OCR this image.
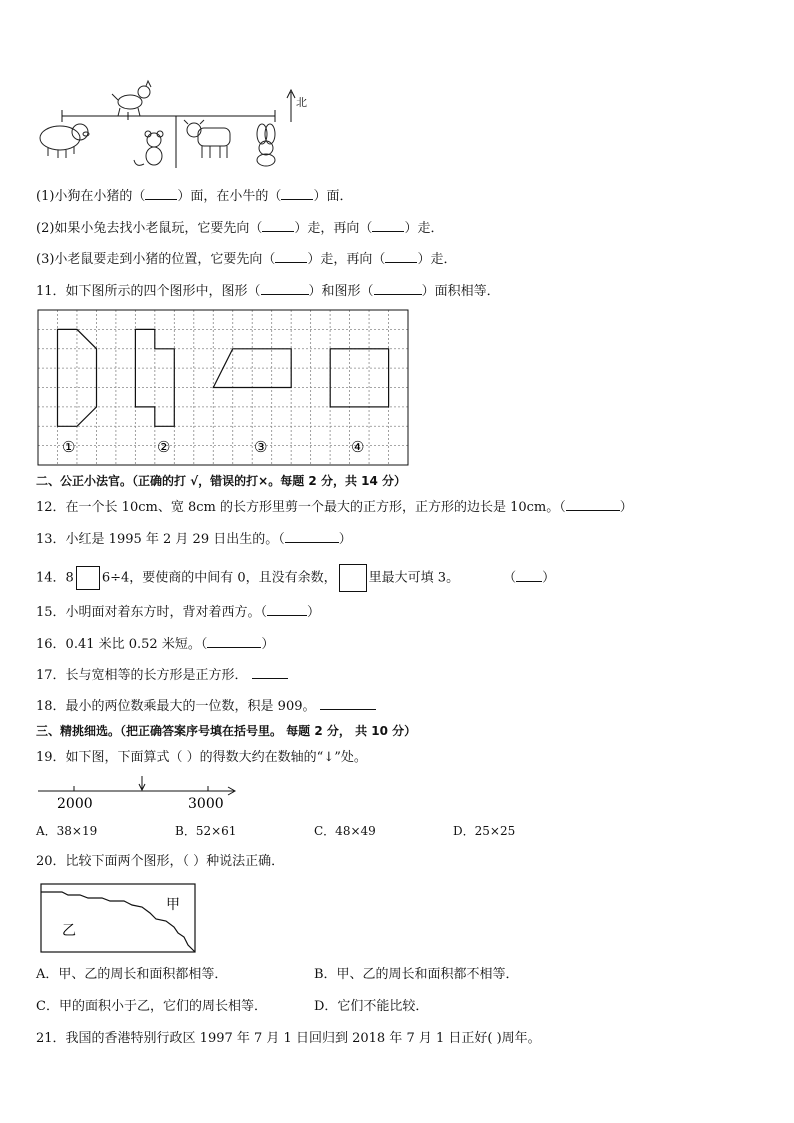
北
(1)小狗在小猪的（ ）面，在小牛的（ ）面．
(2)如果小兔去找小老鼠玩，它要先向（ ）走，再向（ ）走．
(3)小老鼠要走到小猪的位置，它要先向（ ）走，再向（ ）走．
11．如下图所示的四个图形中，图形（	）和图形（	）面积相等．
①	②	③	④
二、公正小法官。（正确的打 √，错误的打×。每题 2 分，共 14 分）
12．在一个长 10cm、宽 8cm 的长方形里剪一个最大的正方形，正方形的边长是 10cm。（	）
13．小红是 1995 年 2 月 29 日出生的。（	）
14．8 6÷4，要使商的中间有 0，且没有余数， 里最大可填 3。	（ ）
15．小明面对着东方时，背对着西方。（	）
16．0.41 米比 0.52 米短。（	）
17．长与宽相等的长方形是正方形．
18．最小的两位数乘最大的一位数，积是 909。
三、精挑细选。（把正确答案序号填在括号里。 每题 2 分， 共 10 分）
19．如下图，下面算式（ ）的得数大约在数轴的“↓”处。
2000	3000
A．38×19	B．52×61	C．48×49	D．25×25
20．比较下面两个图形，（ ）种说法正确．
甲
乙
A．甲、乙的周长和面积都相等．	B．甲、乙的周长和面积都不相等．
C．甲的面积小于乙，它们的周长相等．	D．它们不能比较．
21．我国的香港特别行政区 1997 年 7 月 1 日回归到 2018 年 7 月 1 日正好( )周年。
